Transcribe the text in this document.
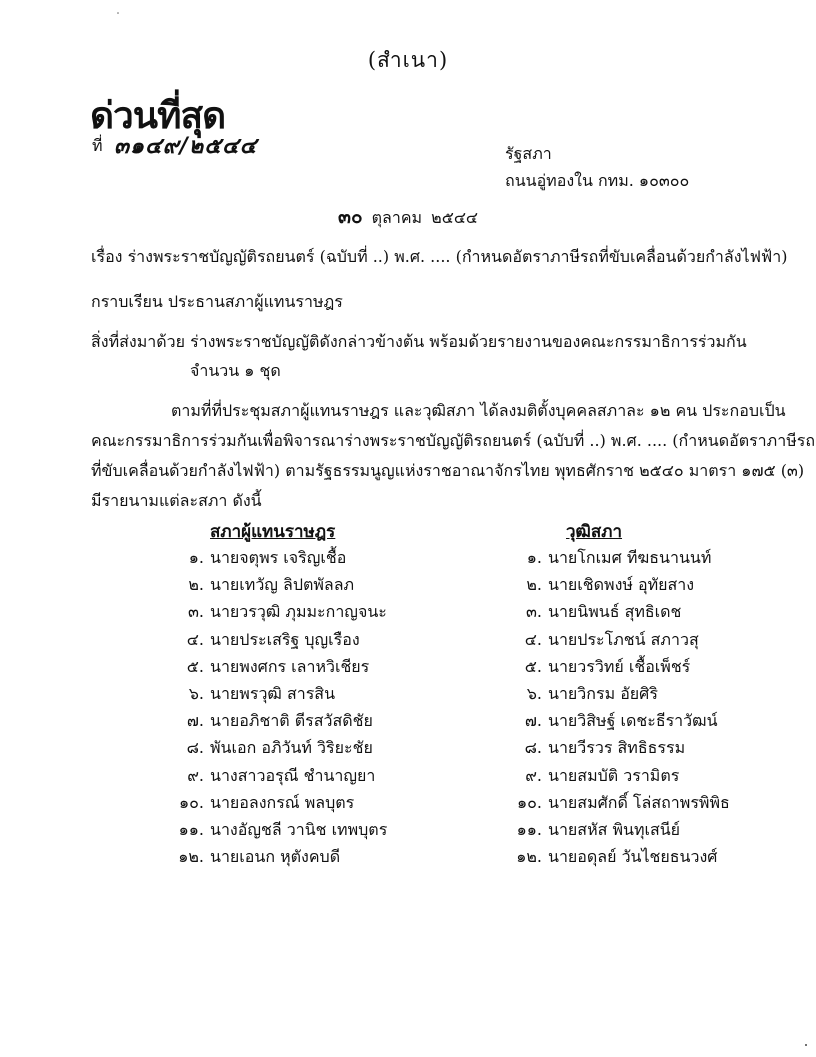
(สำเนา)
ด่วนที่สุด
ที่ ๓๑๔๙/๒๕๔๔	รัฐสภา
ถนนอู่ทองใน กทม. ๑๐๓๐๐
๓๐ ตุลาคม ๒๕๔๔
เรื่อง ร่างพระราชบัญญัติรถยนตร์ (ฉบับที่ ..) พ.ศ. .... (กำหนดอัตราภาษีรถที่ขับเคลื่อนด้วยกำลังไฟฟ้า)
กราบเรียน ประธานสภาผู้แทนราษฎร
สิ่งที่ส่งมาด้วย ร่างพระราชบัญญัติดังกล่าวข้างต้น พร้อมด้วยรายงานของคณะกรรมาธิการร่วมกัน
จำนวน ๑ ชุด
ตามที่ที่ประชุมสภาผู้แทนราษฎร และวุฒิสภา ได้ลงมติตั้งบุคคลสภาละ ๑๒ คน ประกอบเป็น
คณะกรรมาธิการร่วมกันเพื่อพิจารณาร่างพระราชบัญญัติรถยนตร์ (ฉบับที่ ..) พ.ศ. .... (กำหนดอัตราภาษีรถ
ที่ขับเคลื่อนด้วยกำลังไฟฟ้า) ตามรัฐธรรมนูญแห่งราชอาณาจักรไทย พุทธศักราช ๒๕๔๐ มาตรา ๑๗๕ (๓)
มีรายนามแต่ละสภา ดังนี้
สภาผู้แทนราษฎร	วุฒิสภา
๑. นายจตุพร เจริญเชื้อ
๒. นายเทวัญ ลิปตพัลลภ
๓. นายวรวุฒิ ภุมมะกาญจนะ
๔. นายประเสริฐ บุญเรือง
๕. นายพงศกร เลาหวิเชียร
๖. นายพรวุฒิ สารสิน
๗. นายอภิชาติ ตีรสวัสดิชัย
๘. พันเอก อภิวันท์ วิริยะชัย
๙. นางสาวอรุณี ชำนาญยา
๑๐. นายอลงกรณ์ พลบุตร
๑๑. นางอัญชลี วานิช เทพบุตร
๑๒. นายเอนก หุตังคบดี
๑. นายโกเมศ ทีฆธนานนท์
๒. นายเชิดพงษ์ อุทัยสาง
๓. นายนิพนธ์ สุทธิเดช
๔. นายประโภชน์ สภาวสุ
๕. นายวรวิทย์ เชื้อเพ็ชร์
๖. นายวิกรม อัยศิริ
๗. นายวิสิษฐ์ เดชะธีราวัฒน์
๘. นายวีรวร สิทธิธรรม
๙. นายสมบัติ วรามิตร
๑๐. นายสมศักดิ์ โล่สถาพรพิพิธ
๑๑. นายสหัส พินทุเสนีย์
๑๒. นายอดุลย์ วันไชยธนวงศ์
